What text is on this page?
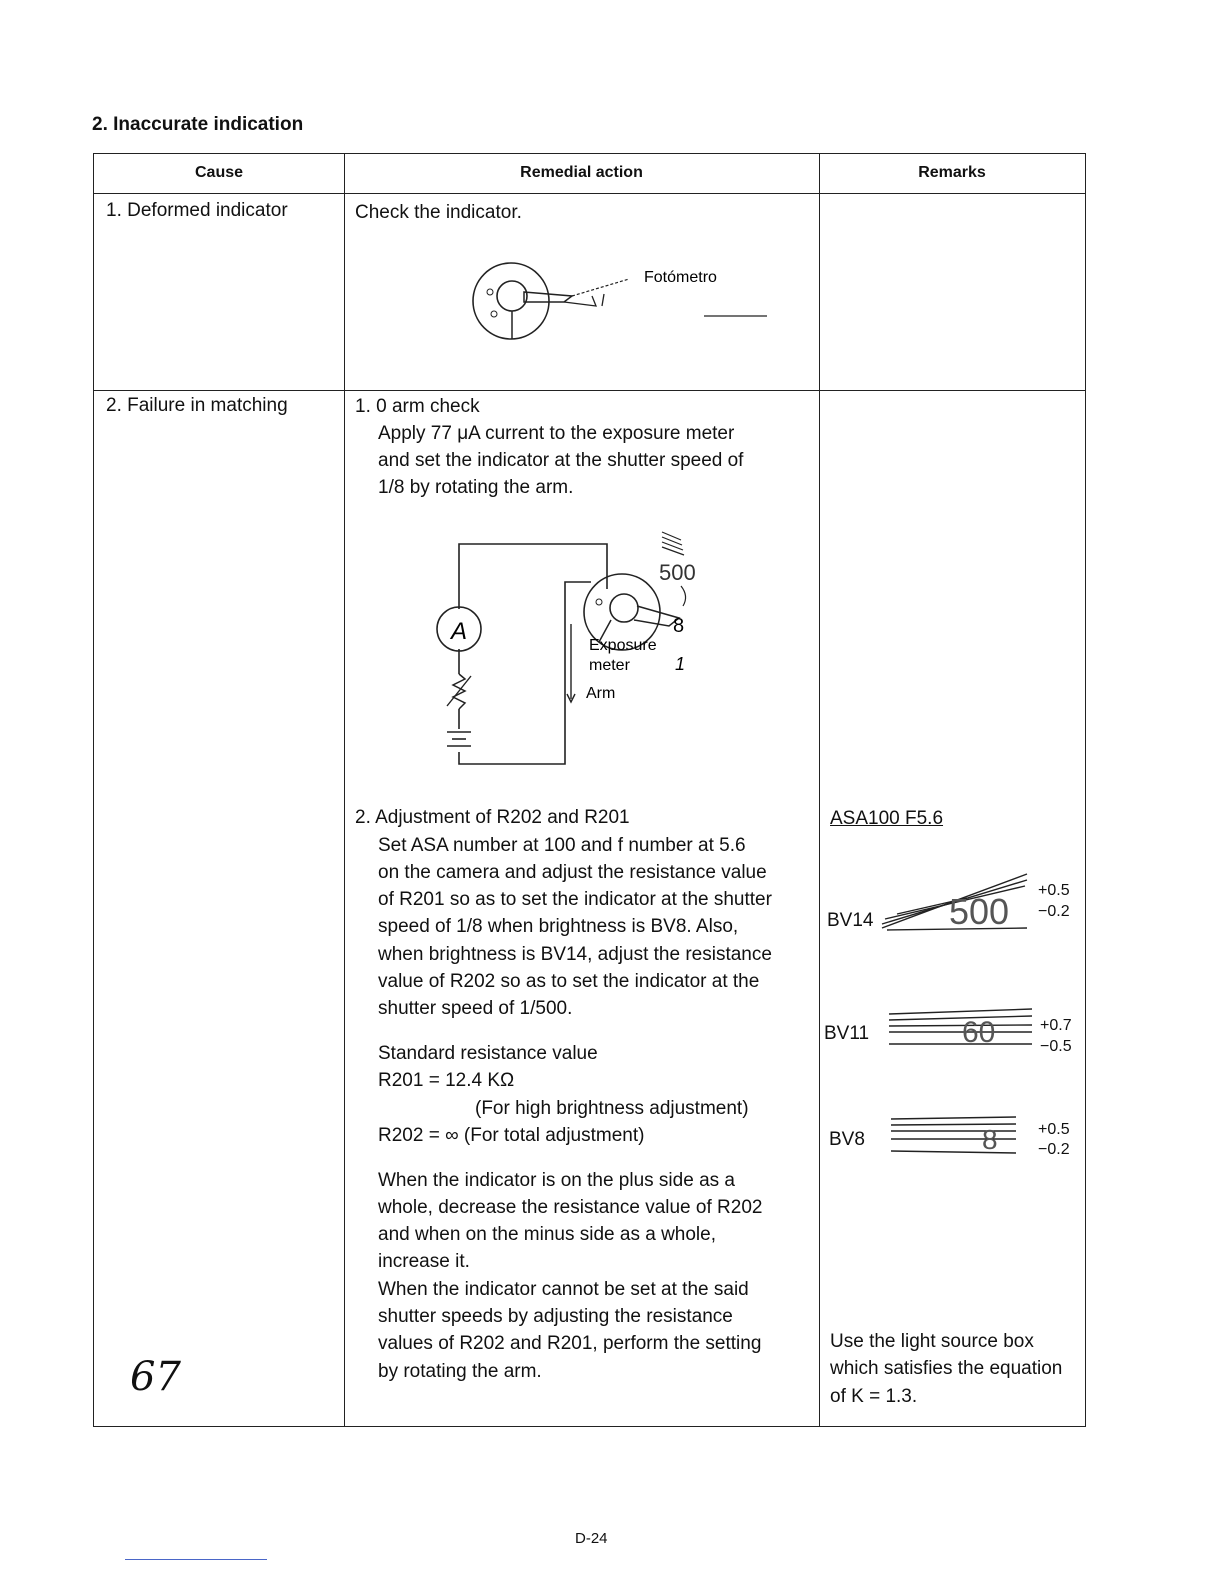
2. Inaccurate indication
Cause	Remedial action	Remarks
1. Deformed indicator	Check the indicator.
Fotómetro
2. Failure in matching	1. 0 arm check
Apply 77 μA current to the exposure meter
and set the indicator at the shutter speed of
1/8 by rotating the arm.
A
500
8
1
Exposure
meter
Arm
2. Adjustment of R202 and R201
Set ASA number at 100 and f number at 5.6
on the camera and adjust the resistance value
of R201 so as to set the indicator at the shutter
speed of 1/8 when brightness is BV8. Also,
when brightness is BV14, adjust the resistance
value of R202 so as to set the indicator at the
shutter speed of 1/500.
Standard resistance value
R201 = 12.4 KΩ
(For high brightness adjustment)
R202 = ∞ (For total adjustment)
When the indicator is on the plus side as a
whole, decrease the resistance value of R202
and when on the minus side as a whole,
increase it.
When the indicator cannot be set at the said
shutter speeds by adjusting the resistance
values of R202 and R201, perform the setting
by rotating the arm.
ASA100 F5.6
BV14 500
+0.5
−0.2
BV11	60	+0.7
−0.5
BV8	8	+0.5
−0.2
Use the light source box
which satisfies the equation
of K = 1.3.
67
D-24
